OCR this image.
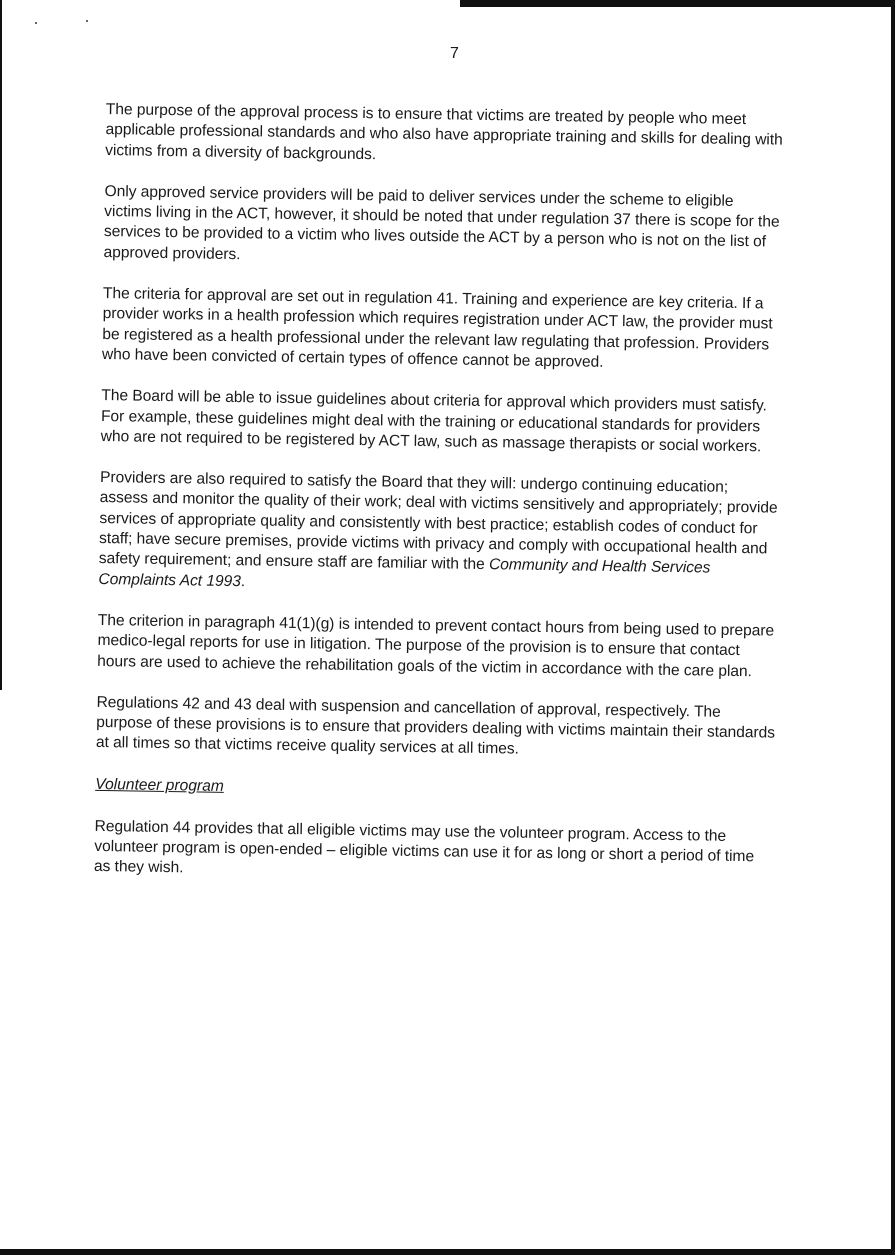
7

The purpose of the approval process is to ensure that victims are treated by people who meet applicable professional standards and who also have appropriate training and skills for dealing with victims from a diversity of backgrounds.

Only approved service providers will be paid to deliver services under the scheme to eligible victims living in the ACT, however, it should be noted that under regulation 37 there is scope for the services to be provided to a victim who lives outside the ACT by a person who is not on the list of approved providers.

The criteria for approval are set out in regulation 41. Training and experience are key criteria. If a provider works in a health profession which requires registration under ACT law, the provider must be registered as a health professional under the relevant law regulating that profession. Providers who have been convicted of certain types of offence cannot be approved.

The Board will be able to issue guidelines about criteria for approval which providers must satisfy. For example, these guidelines might deal with the training or educational standards for providers who are not required to be registered by ACT law, such as massage therapists or social workers.

Providers are also required to satisfy the Board that they will: undergo continuing education; assess and monitor the quality of their work; deal with victims sensitively and appropriately; provide services of appropriate quality and consistently with best practice; establish codes of conduct for staff; have secure premises, provide victims with privacy and comply with occupational health and safety requirement; and ensure staff are familiar with the Community and Health Services Complaints Act 1993.

The criterion in paragraph 41(1)(g) is intended to prevent contact hours from being used to prepare medico-legal reports for use in litigation. The purpose of the provision is to ensure that contact hours are used to achieve the rehabilitation goals of the victim in accordance with the care plan.

Regulations 42 and 43 deal with suspension and cancellation of approval, respectively. The purpose of these provisions is to ensure that providers dealing with victims maintain their standards at all times so that victims receive quality services at all times.

Volunteer program

Regulation 44 provides that all eligible victims may use the volunteer program. Access to the volunteer program is open-ended – eligible victims can use it for as long or short a period of time as they wish.
